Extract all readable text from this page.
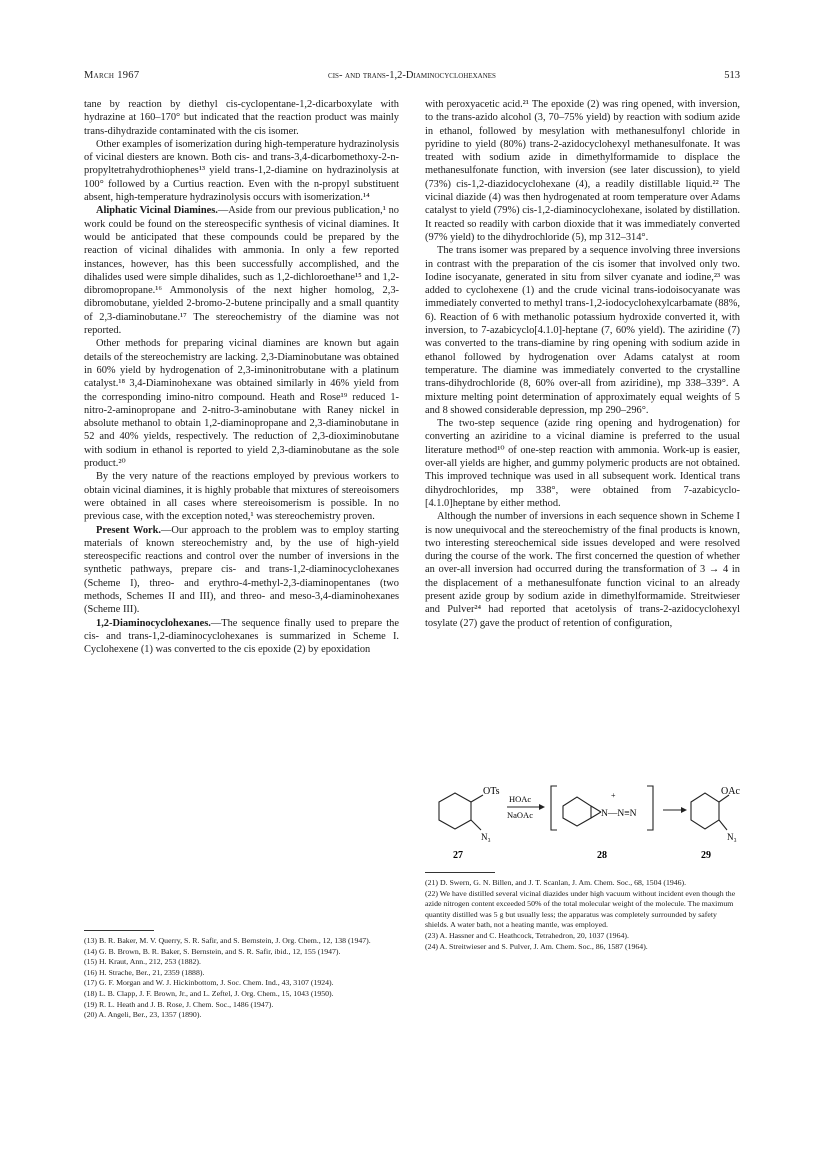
March 1967	cis- and trans-1,2-Diaminocyclohexanes	513

tane by reaction by diethyl cis-cyclopentane-1,2-dicarboxylate with hydrazine at 160–170° but indicated that the reaction product was mainly trans-dihydrazide contaminated with the cis isomer.

Other examples of isomerization during high-temperature hydrazinolysis of vicinal diesters are known. Both cis- and trans-3,4-dicarbomethoxy-2-n-propyltetrahydrothiophenes¹³ yield trans-1,2-diamine on hydrazinolysis at 100° followed by a Curtius reaction. Even with the n-propyl substituent absent, high-temperature hydrazinolysis occurs with isomerization.¹⁴

Aliphatic Vicinal Diamines.—Aside from our previous publication,¹ no work could be found on the stereospecific synthesis of vicinal diamines. It would be anticipated that these compounds could be prepared by the reaction of vicinal dihalides with ammonia. In only a few reported instances, however, has this been successfully accomplished, and the dihalides used were simple dihalides, such as 1,2-dichloroethane¹⁵ and 1,2-dibromopropane.¹⁶ Ammonolysis of the next higher homolog, 2,3-dibromobutane, yielded 2-bromo-2-butene principally and a small quantity of 2,3-diaminobutane.¹⁷ The stereochemistry of the diamine was not reported.

Other methods for preparing vicinal diamines are known but again details of the stereochemistry are lacking. 2,3-Diaminobutane was obtained in 60% yield by hydrogenation of 2,3-iminonitrobutane with a platinum catalyst.¹⁸ 3,4-Diaminohexane was obtained similarly in 46% yield from the corresponding imino-nitro compound. Heath and Rose¹⁹ reduced 1-nitro-2-aminopropane and 2-nitro-3-aminobutane with Raney nickel in absolute methanol to obtain 1,2-diaminopropane and 2,3-diaminobutane in 52 and 40% yields, respectively. The reduction of 2,3-dioximinobutane with sodium in ethanol is reported to yield 2,3-diaminobutane as the sole product.²⁰

By the very nature of the reactions employed by previous workers to obtain vicinal diamines, it is highly probable that mixtures of stereoisomers were obtained in all cases where stereoisomerism is possible. In no previous case, with the exception noted,¹ was stereochemistry proven.

Present Work.—Our approach to the problem was to employ starting materials of known stereochemistry and, by the use of high-yield stereospecific reactions and control over the number of inversions in the synthetic pathways, prepare cis- and trans-1,2-diaminocyclohexanes (Scheme I), threo- and erythro-4-methyl-2,3-diaminopentanes (two methods, Schemes II and III), and threo- and meso-3,4-diaminohexanes (Scheme III).

1,2-Diaminocyclohexanes.—The sequence finally used to prepare the cis- and trans-1,2-diaminocyclohexanes is summarized in Scheme I. Cyclohexene (1) was converted to the cis epoxide (2) by epoxidation

(13) B. R. Baker, M. V. Querry, S. R. Safir, and S. Bernstein, J. Org. Chem., 12, 138 (1947).
(14) G. B. Brown, B. R. Baker, S. Bernstein, and S. R. Safir, ibid., 12, 155 (1947).
(15) H. Kraut, Ann., 212, 253 (1882).
(16) H. Strache, Ber., 21, 2359 (1888).
(17) G. F. Morgan and W. J. Hickinbottom, J. Soc. Chem. Ind., 43, 3107 (1924).
(18) L. B. Clapp, J. F. Brown, Jr., and L. Zeftel, J. Org. Chem., 15, 1043 (1950).
(19) R. L. Heath and J. B. Rose, J. Chem. Soc., 1486 (1947).
(20) A. Angeli, Ber., 23, 1357 (1890).

with peroxyacetic acid.²¹ The epoxide (2) was ring opened, with inversion, to the trans-azido alcohol (3, 70–75% yield) by reaction with sodium azide in ethanol, followed by mesylation with methanesulfonyl chloride in pyridine to yield (80%) trans-2-azidocyclohexyl methanesulfonate. It was treated with sodium azide in dimethylformamide to displace the methanesulfonate function, with inversion (see later discussion), to yield (73%) cis-1,2-diazidocyclohexane (4), a readily distillable liquid.²² The vicinal diazide (4) was then hydrogenated at room temperature over Adams catalyst to yield (79%) cis-1,2-diaminocyclohexane, isolated by distillation. It reacted so readily with carbon dioxide that it was immediately converted (97% yield) to the dihydrochloride (5), mp 312–314°.

The trans isomer was prepared by a sequence involving three inversions in contrast with the preparation of the cis isomer that involved only two. Iodine isocyanate, generated in situ from silver cyanate and iodine,²³ was added to cyclohexene (1) and the crude vicinal trans-iodoisocyanate was immediately converted to methyl trans-1,2-iodocyclohexylcarbamate (88%, 6). Reaction of 6 with methanolic potassium hydroxide converted it, with inversion, to 7-azabicyclo[4.1.0]-heptane (7, 60% yield). The aziridine (7) was converted to the trans-diamine by ring opening with sodium azide in ethanol followed by hydrogenation over Adams catalyst at room temperature. The diamine was immediately converted to the crystalline trans-dihydrochloride (8, 60% over-all from aziridine), mp 338–339°. A mixture melting point determination of approximately equal weights of 5 and 8 showed considerable depression, mp 290–296°.

The two-step sequence (azide ring opening and hydrogenation) for converting an aziridine to a vicinal diamine is preferred to the usual literature method¹⁰ of one-step reaction with ammonia. Work-up is easier, over-all yields are higher, and gummy polymeric products are not obtained. This improved technique was used in all subsequent work. Identical trans dihydrochlorides, mp 338°, were obtained from 7-azabicyclo-[4.1.0]heptane by either method.

Although the number of inversions in each sequence shown in Scheme I is now unequivocal and the stereochemistry of the final products is known, two interesting stereochemical side issues developed and were resolved during the course of the work. The first concerned the question of whether an over-all inversion had occurred during the transformation of 3 → 4 in the displacement of a methanesulfonate function vicinal to an already present azide group by sodium azide in dimethylformamide. Streitwieser and Pulver²⁴ had reported that acetolysis of trans-2-azidocyclohexyl tosylate (27) gave the product of retention of configuration,

OTs
N₃
27
HOAc
NaOAc
+
N—N≡N
28
OAc
N₃
29
(21) D. Swern, G. N. Billen, and J. T. Scanlan, J. Am. Chem. Soc., 68, 1504 (1946).
(22) We have distilled several vicinal diazides under high vacuum without incident even though the azide nitrogen content exceeded 50% of the total molecular weight of the molecule. The maximum quantity distilled was 5 g but usually less; the apparatus was completely surrounded by safety shields. A water bath, not a heating mantle, was employed.
(23) A. Hassner and C. Heathcock, Tetrahedron, 20, 1037 (1964).
(24) A. Streitwieser and S. Pulver, J. Am. Chem. Soc., 86, 1587 (1964).
